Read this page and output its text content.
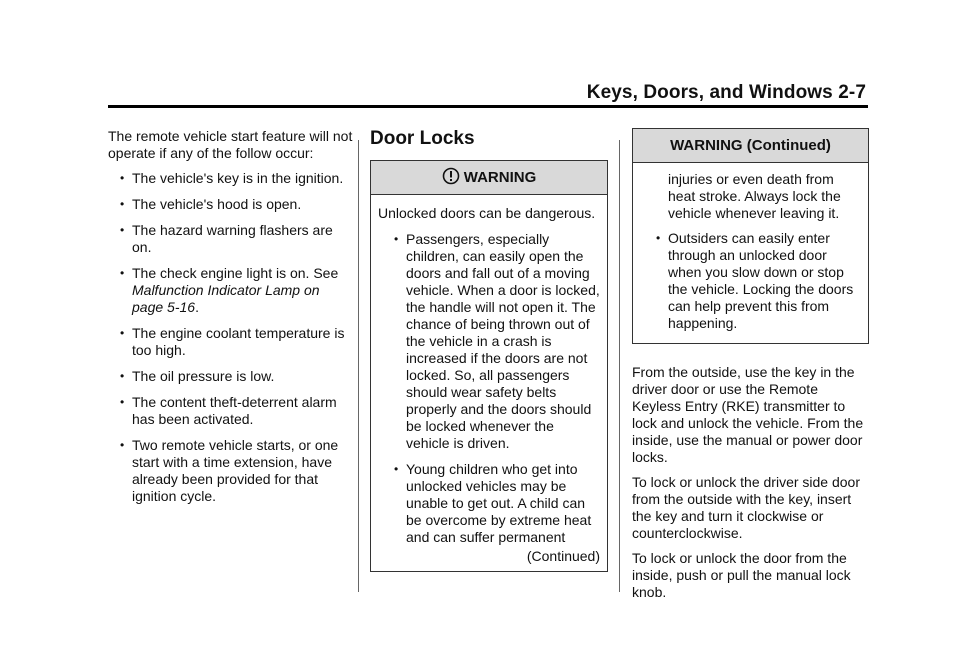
Keys, Doors, and Windows 2-7

The remote vehicle start feature will not operate if any of the follow occur:

• The vehicle's key is in the ignition.
• The vehicle's hood is open.
• The hazard warning flashers are on.
• The check engine light is on. See Malfunction Indicator Lamp on page 5-16.
• The engine coolant temperature is too high.
• The oil pressure is low.
• The content theft-deterrent alarm has been activated.
• Two remote vehicle starts, or one start with a time extension, have already been provided for that ignition cycle.
Door Locks
WARNING

Unlocked doors can be dangerous.

• Passengers, especially children, can easily open the doors and fall out of a moving vehicle. When a door is locked, the handle will not open it. The chance of being thrown out of the vehicle in a crash is increased if the doors are not locked. So, all passengers should wear safety belts properly and the doors should be locked whenever the vehicle is driven.
• Young children who get into unlocked vehicles may be unable to get out. A child can be overcome by extreme heat and can suffer permanent
(Continued)
WARNING (Continued)

injuries or even death from heat stroke. Always lock the vehicle whenever leaving it.

• Outsiders can easily enter through an unlocked door when you slow down or stop the vehicle. Locking the doors can help prevent this from happening.

From the outside, use the key in the driver door or use the Remote Keyless Entry (RKE) transmitter to lock and unlock the vehicle. From the inside, use the manual or power door locks.

To lock or unlock the driver side door from the outside with the key, insert the key and turn it clockwise or counterclockwise.

To lock or unlock the door from the inside, push or pull the manual lock knob.
